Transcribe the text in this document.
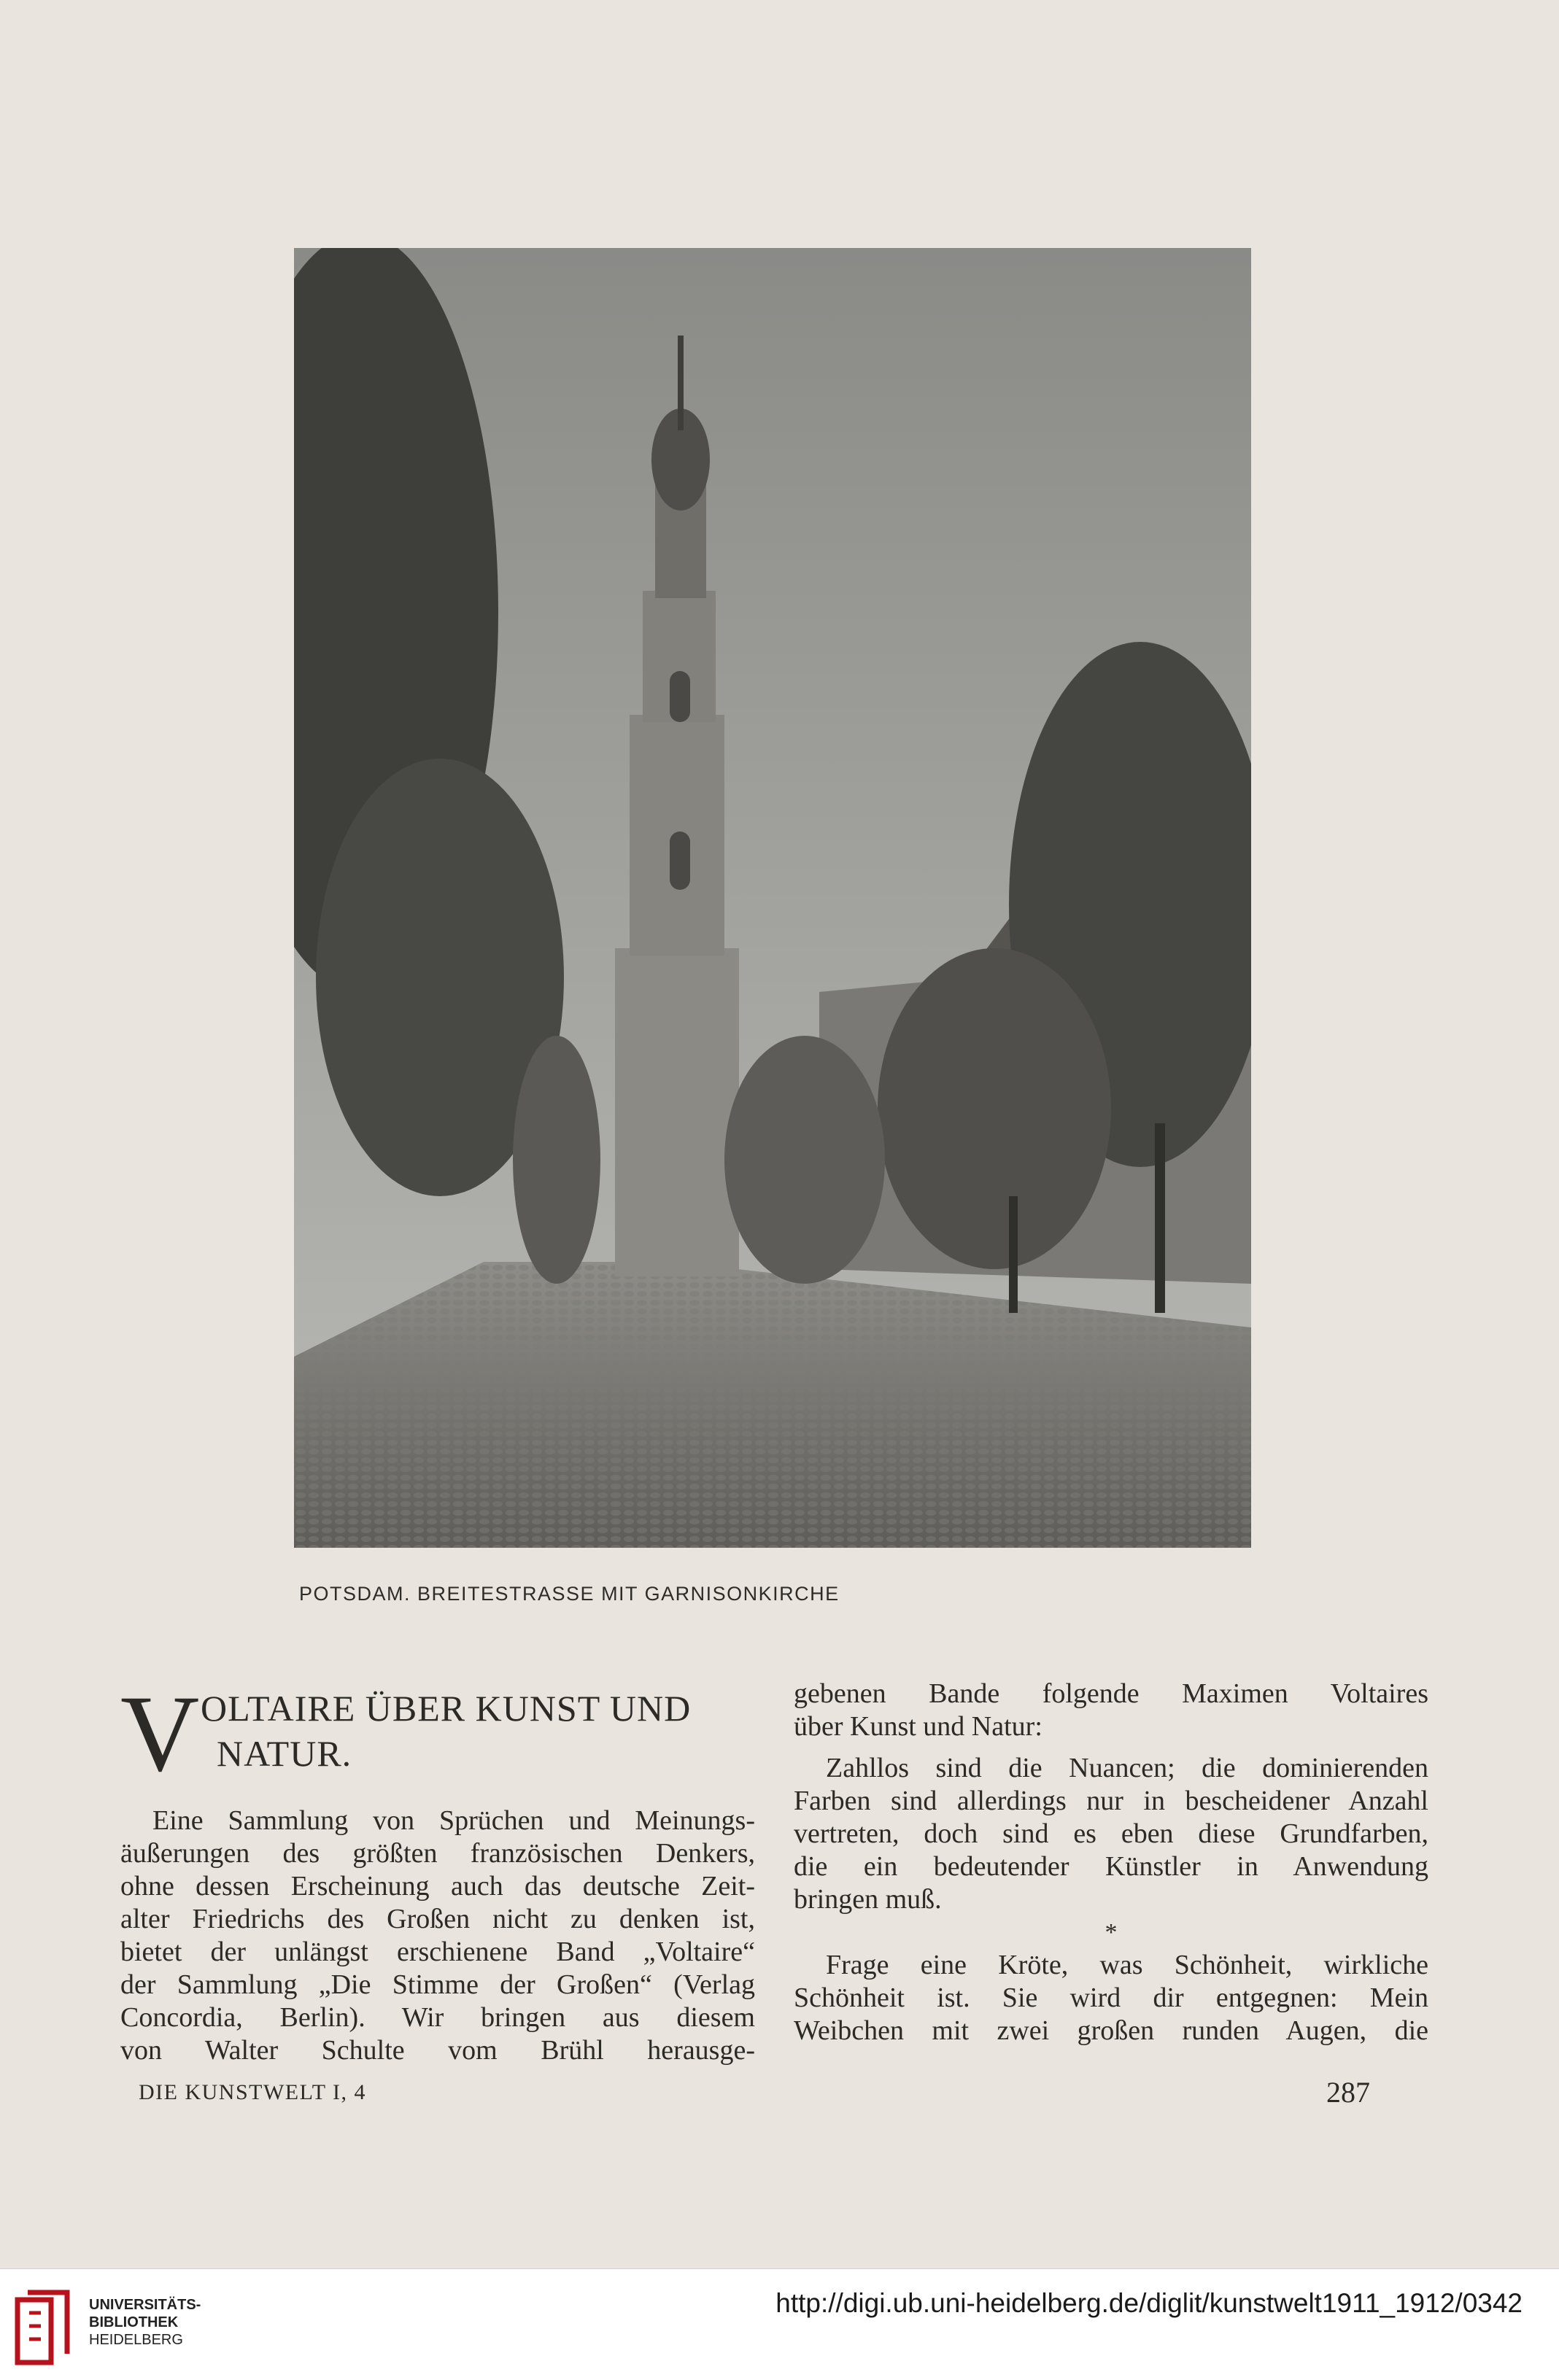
POTSDAM. BREITESTRASSE MIT GARNISONKIRCHE
V OLTAIRE ÜBER KUNST UND
NATUR.
Eine Sammlung von Sprüchen und Meinungs-
äußerungen des größten französischen Denkers,
ohne dessen Erscheinung auch das deutsche Zeit-
alter Friedrichs des Großen nicht zu denken ist,
bietet der unlängst erschienene Band „Voltaire“
der Sammlung „Die Stimme der Großen“ (Verlag
Concordia, Berlin). Wir bringen aus diesem
von Walter Schulte vom Brühl herausge-
gebenen Bande folgende Maximen Voltaires
über Kunst und Natur:
Zahllos sind die Nuancen; die dominierenden
Farben sind allerdings nur in bescheidener Anzahl
vertreten, doch sind es eben diese Grundfarben,
die ein bedeutender Künstler in Anwendung
bringen muß.
*
Frage eine Kröte, was Schönheit, wirkliche
Schönheit ist. Sie wird dir entgegnen: Mein
Weibchen mit zwei großen runden Augen, die
DIE KUNSTWELT I, 4	287
UNIVERSITÄTS-
BIBLIOTHEK
HEIDELBERG
http://digi.ub.uni-heidelberg.de/diglit/kunstwelt1911_1912/0342
